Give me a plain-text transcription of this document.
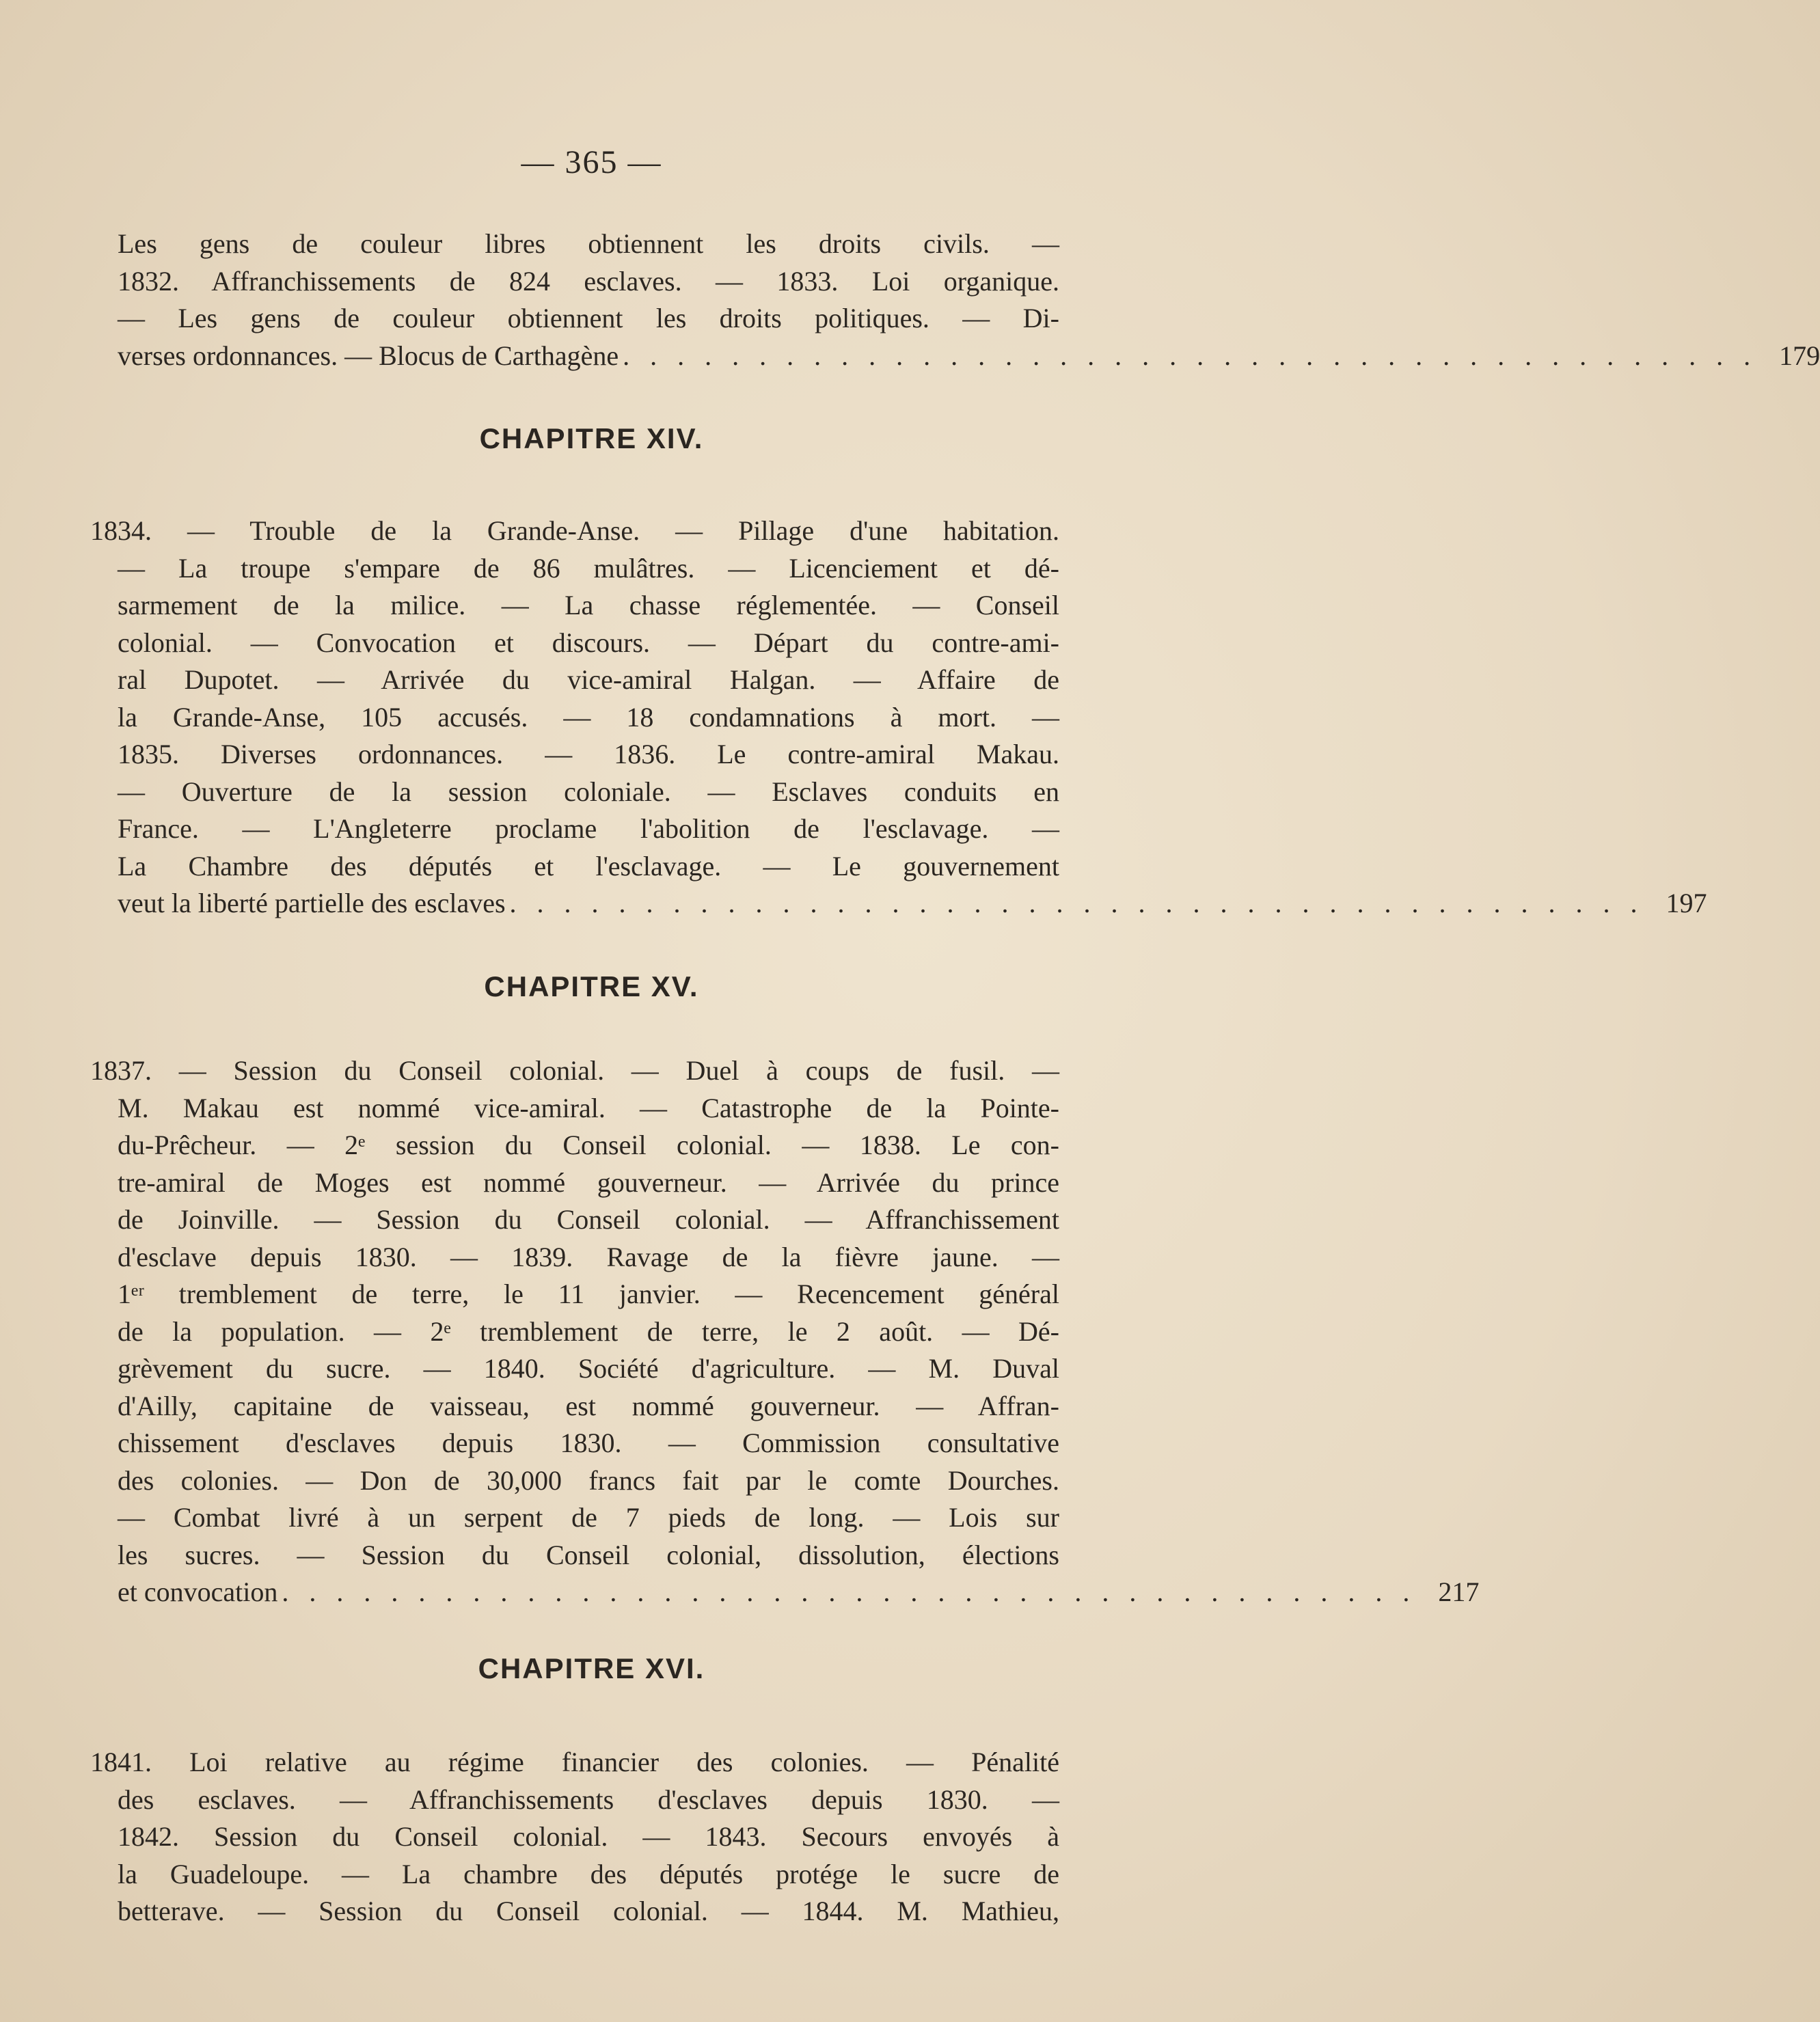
— 365 —
Les gens de couleur libres obtiennent les droits civils. —
1832. Affranchissements de 824 esclaves. — 1833. Loi organique.
— Les gens de couleur obtiennent les droits politiques. — Di-
verses ordonnances. — Blocus de Carthagène . . . . . . . . . . . . . . . . . . . . . . . . . . . . . . . . . . . . . . . . . . 179
CHAPITRE XIV.
1834. — Trouble de la Grande-Anse. — Pillage d'une habitation.
— La troupe s'empare de 86 mulâtres. — Licenciement et dé-
sarmement de la milice. — La chasse réglementée. — Conseil
colonial. — Convocation et discours. — Départ du contre-ami-
ral Dupotet. — Arrivée du vice-amiral Halgan. — Affaire de
la Grande-Anse, 105 accusés. — 18 condamnations à mort. —
1835. Diverses ordonnances. — 1836. Le contre-amiral Makau.
— Ouverture de la session coloniale. — Esclaves conduits en
France. — L'Angleterre proclame l'abolition de l'esclavage. —
La Chambre des députés et l'esclavage. — Le gouvernement
veut la liberté partielle des esclaves . . . . . . . . . . . . . . . . . . . . . . . . . . . . . . . . . . . . . . . . . . 197
CHAPITRE XV.
1837. — Session du Conseil colonial. — Duel à coups de fusil. —
M. Makau est nommé vice-amiral. — Catastrophe de la Pointe-
du-Prêcheur. — 2ᵉ session du Conseil colonial. — 1838. Le con-
tre-amiral de Moges est nommé gouverneur. — Arrivée du prince
de Joinville. — Session du Conseil colonial. — Affranchissement
d'esclave depuis 1830. — 1839. Ravage de la fièvre jaune. —
1ᵉʳ tremblement de terre, le 11 janvier. — Recencement général
de la population. — 2ᵉ tremblement de terre, le 2 août. — Dé-
grèvement du sucre. — 1840. Société d'agriculture. — M. Duval
d'Ailly, capitaine de vaisseau, est nommé gouverneur. — Affran-
chissement d'esclaves depuis 1830. — Commission consultative
des colonies. — Don de 30,000 francs fait par le comte Dourches.
— Combat livré à un serpent de 7 pieds de long. — Lois sur
les sucres. — Session du Conseil colonial, dissolution, élections
et convocation . . . . . . . . . . . . . . . . . . . . . . . . . . . . . . . . . . . . . . . . . . 217
CHAPITRE XVI.
1841. Loi relative au régime financier des colonies. — Pénalité
des esclaves. — Affranchissements d'esclaves depuis 1830. —
1842. Session du Conseil colonial. — 1843. Secours envoyés à
la Guadeloupe. — La chambre des députés protége le sucre de
betterave. — Session du Conseil colonial. — 1844. M. Mathieu,
